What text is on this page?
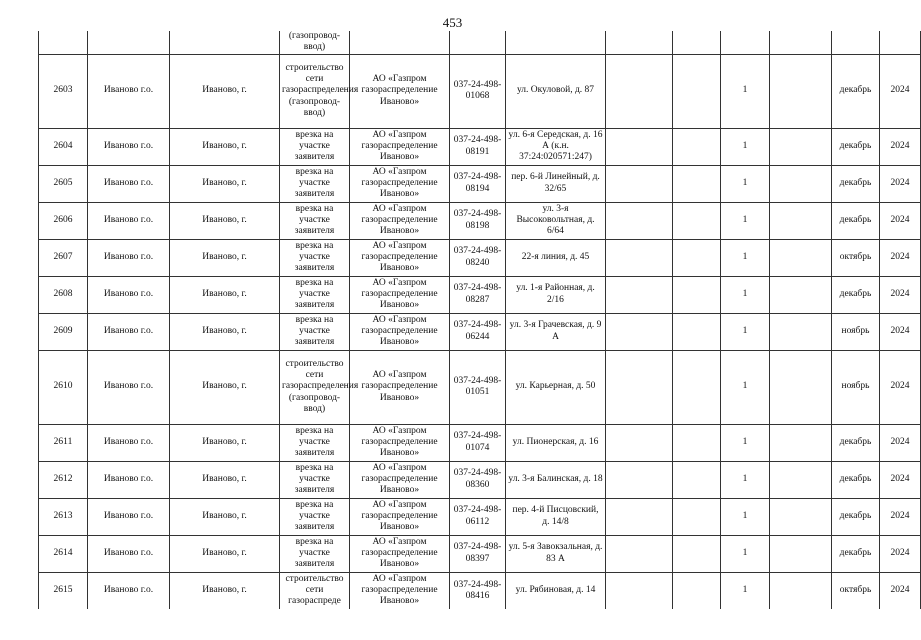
453
			(газопровод-ввод)									
2603	Иваново г.о.	Иваново, г.	строительство сети газораспределения (газопровод-ввод)	АО «Газпром газораспределение Иваново»	037-24-498-01068	ул. Окуловой, д. 87			1		декабрь	2024
2604	Иваново г.о.	Иваново, г.	врезка на участке заявителя	АО «Газпром газораспределение Иваново»	037-24-498-08191	ул. 6-я Середская, д. 16 А (к.н. 37:24:020571:247)			1		декабрь	2024
2605	Иваново г.о.	Иваново, г.	врезка на участке заявителя	АО «Газпром газораспределение Иваново»	037-24-498-08194	пер. 6-й Линейный, д. 32/65			1		декабрь	2024
2606	Иваново г.о.	Иваново, г.	врезка на участке заявителя	АО «Газпром газораспределение Иваново»	037-24-498-08198	ул. 3-я Высоковольтная, д. 6/64			1		декабрь	2024
2607	Иваново г.о.	Иваново, г.	врезка на участке заявителя	АО «Газпром газораспределение Иваново»	037-24-498-08240	22-я линия, д. 45			1		октябрь	2024
2608	Иваново г.о.	Иваново, г.	врезка на участке заявителя	АО «Газпром газораспределение Иваново»	037-24-498-08287	ул. 1-я Районная, д. 2/16			1		декабрь	2024
2609	Иваново г.о.	Иваново, г.	врезка на участке заявителя	АО «Газпром газораспределение Иваново»	037-24-498-06244	ул. 3-я Грачевская, д. 9 А			1		ноябрь	2024
2610	Иваново г.о.	Иваново, г.	строительство сети газораспределения (газопровод-ввод)	АО «Газпром газораспределение Иваново»	037-24-498-01051	ул. Карьерная, д. 50			1		ноябрь	2024
2611	Иваново г.о.	Иваново, г.	врезка на участке заявителя	АО «Газпром газораспределение Иваново»	037-24-498-01074	ул. Пионерская, д. 16			1		декабрь	2024
2612	Иваново г.о.	Иваново, г.	врезка на участке заявителя	АО «Газпром газораспределение Иваново»	037-24-498-08360	ул. 3-я Балинская, д. 18			1		декабрь	2024
2613	Иваново г.о.	Иваново, г.	врезка на участке заявителя	АО «Газпром газораспределение Иваново»	037-24-498-06112	пер. 4-й Писцовский, д. 14/8			1		декабрь	2024
2614	Иваново г.о.	Иваново, г.	врезка на участке заявителя	АО «Газпром газораспределение Иваново»	037-24-498-08397	ул. 5-я Завокзальная, д. 83 А			1		декабрь	2024
2615	Иваново г.о.	Иваново, г.	строительство сети газораспреде	АО «Газпром газораспределение Иваново»	037-24-498-08416	ул. Рябиновая, д. 14			1		октябрь	2024
